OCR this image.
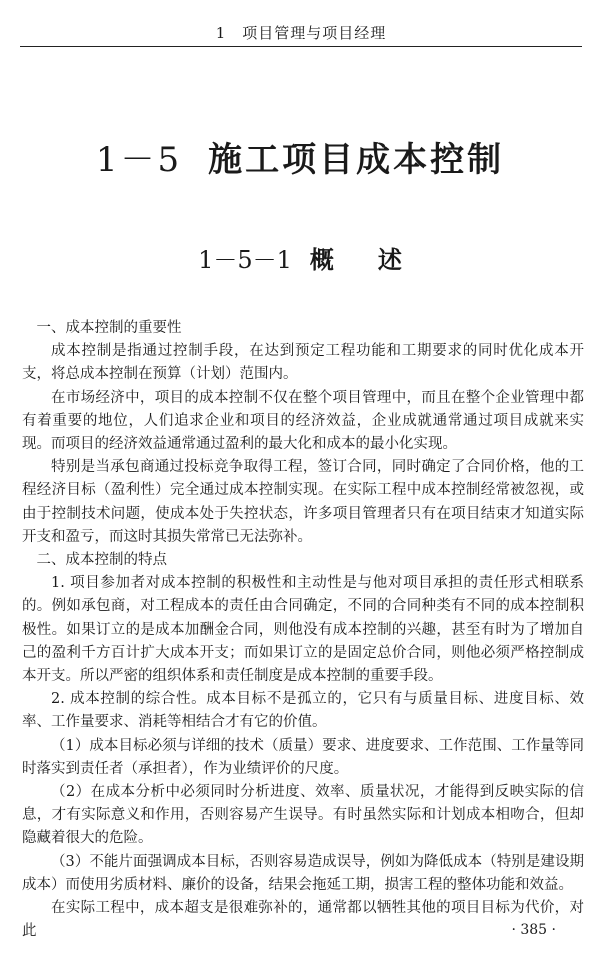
1　项目管理与项目经理
1－5 施工项目成本控制
1－5－1 概 述

一、成本控制的重要性

成本控制是指通过控制手段，在达到预定工程功能和工期要求的同时优化成本开支，将总成本控制在预算（计划）范围内。

在市场经济中，项目的成本控制不仅在整个项目管理中，而且在整个企业管理中都有着重要的地位，人们追求企业和项目的经济效益，企业成就通常通过项目成就来实现。而项目的经济效益通常通过盈利的最大化和成本的最小化实现。

特别是当承包商通过投标竞争取得工程，签订合同，同时确定了合同价格，他的工程经济目标（盈利性）完全通过成本控制实现。在实际工程中成本控制经常被忽视，或由于控制技术问题，使成本处于失控状态，许多项目管理者只有在项目结束才知道实际开支和盈亏，而这时其损失常常已无法弥补。

二、成本控制的特点

1. 项目参加者对成本控制的积极性和主动性是与他对项目承担的责任形式相联系的。例如承包商，对工程成本的责任由合同确定，不同的合同种类有不同的成本控制积极性。如果订立的是成本加酬金合同，则他没有成本控制的兴趣，甚至有时为了增加自己的盈利千方百计扩大成本开支；而如果订立的是固定总价合同，则他必须严格控制成本开支。所以严密的组织体系和责任制度是成本控制的重要手段。

2. 成本控制的综合性。成本目标不是孤立的，它只有与质量目标、进度目标、效率、工作量要求、消耗等相结合才有它的价值。

（1）成本目标必须与详细的技术（质量）要求、进度要求、工作范围、工作量等同时落实到责任者（承担者），作为业绩评价的尺度。

（2）在成本分析中必须同时分析进度、效率、质量状况，才能得到反映实际的信息，才有实际意义和作用，否则容易产生误导。有时虽然实际和计划成本相吻合，但却隐藏着很大的危险。

（3）不能片面强调成本目标，否则容易造成误导，例如为降低成本（特别是建设期成本）而使用劣质材料、廉价的设备，结果会拖延工期，损害工程的整体功能和效益。

在实际工程中，成本超支是很难弥补的，通常都以牺牲其他的项目目标为代价，对此	· 385 ·
